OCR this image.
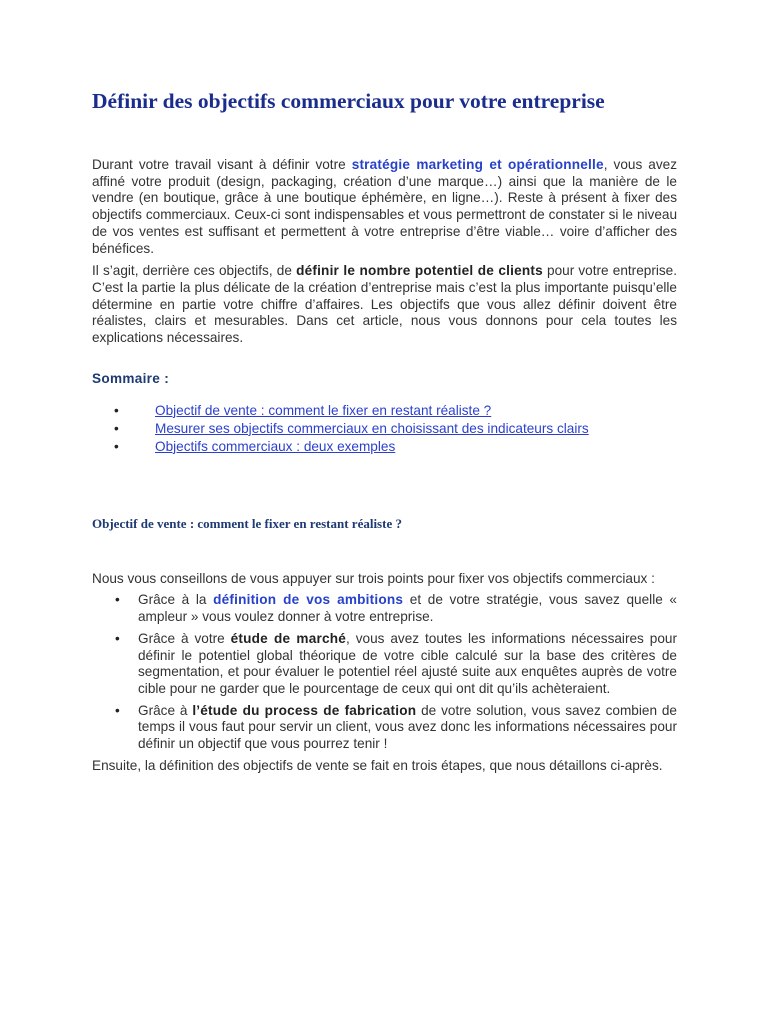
Définir des objectifs commerciaux pour votre entreprise

Durant votre travail visant à définir votre stratégie marketing et opérationnelle, vous avez affiné votre produit (design, packaging, création d’une marque…) ainsi que la manière de le vendre (en boutique, grâce à une boutique éphémère, en ligne…). Reste à présent à fixer des objectifs commerciaux. Ceux-ci sont indispensables et vous permettront de constater si le niveau de vos ventes est suffisant et permettent à votre entreprise d’être viable… voire d’afficher des bénéfices.

Il s’agit, derrière ces objectifs, de définir le nombre potentiel de clients pour votre entreprise. C’est la partie la plus délicate de la création d’entreprise mais c’est la plus importante puisqu’elle détermine en partie votre chiffre d’affaires. Les objectifs que vous allez définir doivent être réalistes, clairs et mesurables. Dans cet article, nous vous donnons pour cela toutes les explications nécessaires.

Sommaire :
•	Objectif de vente : comment le fixer en restant réaliste ?
•	Mesurer ses objectifs commerciaux en choisissant des indicateurs clairs
•	Objectifs commerciaux : deux exemples
Objectif de vente : comment le fixer en restant réaliste ?

Nous vous conseillons de vous appuyer sur trois points pour fixer vos objectifs commerciaux :

• Grâce à la définition de vos ambitions et de votre stratégie, vous savez quelle « ampleur » vous voulez donner à votre entreprise.
• Grâce à votre étude de marché, vous avez toutes les informations nécessaires pour définir le potentiel global théorique de votre cible calculé sur la base des critères de segmentation, et pour évaluer le potentiel réel ajusté suite aux enquêtes auprès de votre cible pour ne garder que le pourcentage de ceux qui ont dit qu’ils achèteraient.
• Grâce à l’étude du process de fabrication de votre solution, vous savez combien de temps il vous faut pour servir un client, vous avez donc les informations nécessaires pour définir un objectif que vous pourrez tenir !

Ensuite, la définition des objectifs de vente se fait en trois étapes, que nous détaillons ci-après.
